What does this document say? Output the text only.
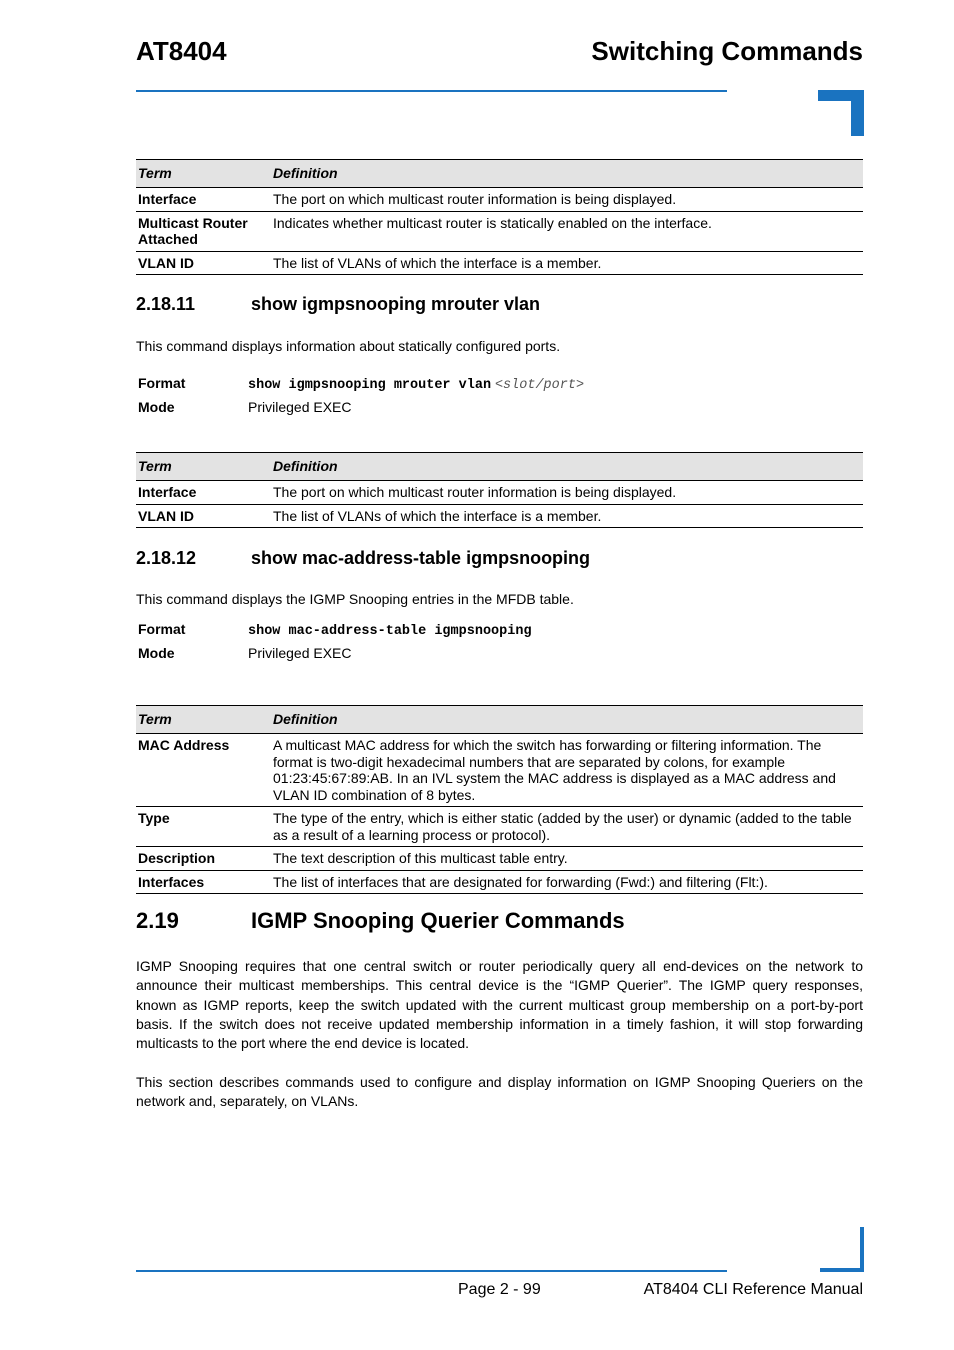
AT8404	Switching Commands
Term	Definition
Interface	The port on which multicast router information is being displayed.
Multicast Router Attached	Indicates whether multicast router is statically enabled on the interface.
VLAN ID	The list of VLANs of which the interface is a member.
2.18.11	show igmpsnooping mrouter vlan
This command displays information about statically configured ports.
Format	show igmpsnooping mrouter vlan <slot/port>
Mode	Privileged EXEC
Term	Definition
Interface	The port on which multicast router information is being displayed.
VLAN ID	The list of VLANs of which the interface is a member.
2.18.12	show mac-address-table igmpsnooping
This command displays the IGMP Snooping entries in the MFDB table.
Format	show mac-address-table igmpsnooping
Mode	Privileged EXEC
Term	Definition
MAC Address	A multicast MAC address for which the switch has forwarding or filtering information. The format is two-digit hexadecimal numbers that are separated by colons, for example 01:23:45:67:89:AB. In an IVL system the MAC address is displayed as a MAC address and VLAN ID combination of 8 bytes.
Type	The type of the entry, which is either static (added by the user) or dynamic (added to the table as a result of a learning process or protocol).
Description	The text description of this multicast table entry.
Interfaces	The list of interfaces that are designated for forwarding (Fwd:) and filtering (Flt:).
2.19	IGMP Snooping Querier Commands
IGMP Snooping requires that one central switch or router periodically query all end-devices on the network to announce their multicast memberships. This central device is the “IGMP Querier”. The IGMP query responses, known as IGMP reports, keep the switch updated with the current multicast group membership on a port-by-port basis. If the switch does not receive updated membership information in a timely fashion, it will stop forwarding multicasts to the port where the end device is located.
This section describes commands used to configure and display information on IGMP Snooping Queriers on the network and, separately, on VLANs.
Page 2 - 99	AT8404 CLI Reference Manual
